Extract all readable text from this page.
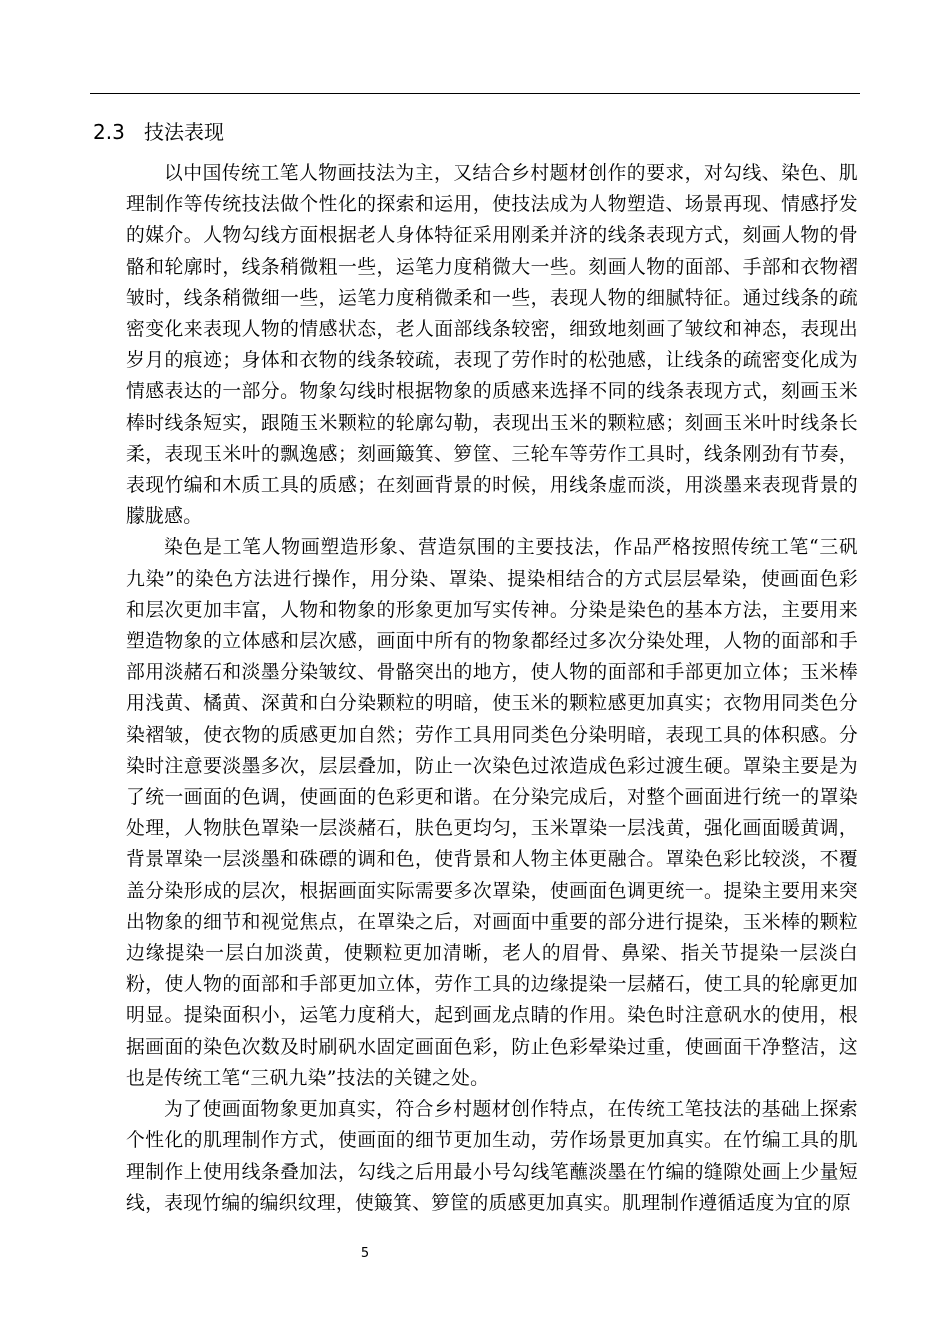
2.3 技法表现

以中国传统工笔人物画技法为主，又结合乡村题材创作的要求，对勾线、染色、肌理制作等传统技法做个性化的探索和运用，使技法成为人物塑造、场景再现、情感抒发的媒介。人物勾线方面根据老人身体特征采用刚柔并济的线条表现方式，刻画人物的骨骼和轮廓时，线条稍微粗一些，运笔力度稍微大一些。刻画人物的面部、手部和衣物褶皱时，线条稍微细一些，运笔力度稍微柔和一些，表现人物的细腻特征。通过线条的疏密变化来表现人物的情感状态，老人面部线条较密，细致地刻画了皱纹和神态，表现出岁月的痕迹；身体和衣物的线条较疏，表现了劳作时的松弛感，让线条的疏密变化成为情感表达的一部分。物象勾线时根据物象的质感来选择不同的线条表现方式，刻画玉米棒时线条短实，跟随玉米颗粒的轮廓勾勒，表现出玉米的颗粒感；刻画玉米叶时线条长柔，表现玉米叶的飘逸感；刻画簸箕、箩筐、三轮车等劳作工具时，线条刚劲有节奏，表现竹编和木质工具的质感；在刻画背景的时候，用线条虚而淡，用淡墨来表现背景的朦胧感。

染色是工笔人物画塑造形象、营造氛围的主要技法，作品严格按照传统工笔“三矾九染”的染色方法进行操作，用分染、罩染、提染相结合的方式层层晕染，使画面色彩和层次更加丰富，人物和物象的形象更加写实传神。分染是染色的基本方法，主要用来塑造物象的立体感和层次感，画面中所有的物象都经过多次分染处理，人物的面部和手部用淡赭石和淡墨分染皱纹、骨骼突出的地方，使人物的面部和手部更加立体；玉米棒用浅黄、橘黄、深黄和白分染颗粒的明暗，使玉米的颗粒感更加真实；衣物用同类色分染褶皱，使衣物的质感更加自然；劳作工具用同类色分染明暗，表现工具的体积感。分染时注意要淡墨多次，层层叠加，防止一次染色过浓造成色彩过渡生硬。罩染主要是为了统一画面的色调，使画面的色彩更和谐。在分染完成后，对整个画面进行统一的罩染处理，人物肤色罩染一层淡赭石，肤色更均匀，玉米罩染一层浅黄，强化画面暖黄调，背景罩染一层淡墨和硃磦的调和色，使背景和人物主体更融合。罩染色彩比较淡，不覆盖分染形成的层次，根据画面实际需要多次罩染，使画面色调更统一。提染主要用来突出物象的细节和视觉焦点，在罩染之后，对画面中重要的部分进行提染，玉米棒的颗粒边缘提染一层白加淡黄，使颗粒更加清晰，老人的眉骨、鼻梁、指关节提染一层淡白粉，使人物的面部和手部更加立体，劳作工具的边缘提染一层赭石，使工具的轮廓更加明显。提染面积小，运笔力度稍大，起到画龙点睛的作用。染色时注意矾水的使用，根据画面的染色次数及时刷矾水固定画面色彩，防止色彩晕染过重，使画面干净整洁，这也是传统工笔“三矾九染”技法的关键之处。

为了使画面物象更加真实，符合乡村题材创作特点，在传统工笔技法的基础上探索个性化的肌理制作方式，使画面的细节更加生动，劳作场景更加真实。在竹编工具的肌理制作上使用线条叠加法，勾线之后用最小号勾线笔蘸淡墨在竹编的缝隙处画上少量短线，表现竹编的编织纹理，使簸箕、箩筐的质感更加真实。肌理制作遵循适度为宜的原

5
